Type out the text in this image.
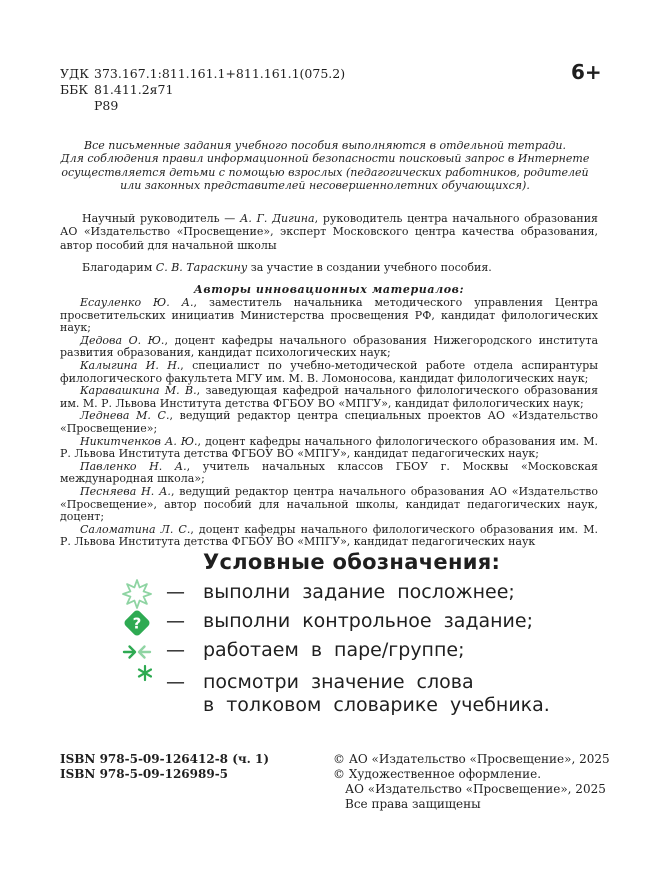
УДК 373.167.1:811.161.1+811.161.1(075.2)
ББК 81.411.2я71
Р89
6+
Все письменные задания учебного пособия выполняются в отдельной тетради.
Для соблюдения правил информационной безопасности поисковый запрос в Интернете
осуществляется детьми с помощью взрослых (педагогических работников, родителей
или законных представителей несовершеннолетних обучающихся).
Научный руководитель — А. Г. Дигина, руководитель центра начального образования АО «Издательство «Просвещение», эксперт Московского центра качества образования, автор пособий для начальной школы
Благодарим С. В. Тараскину за участие в создании учебного пособия.
Авторы инновационных материалов:
Есауленко Ю. А., заместитель начальника методического управления Центра просветительских инициатив Министерства просвещения РФ, кандидат филологических наук;
Дедова О. Ю., доцент кафедры начального образования Нижегородского института развития образования, кандидат психологических наук;
Калыгина И. Н., специалист по учебно-методической работе отдела аспирантуры филологического факультета МГУ им. М. В. Ломоносова, кандидат филологических наук;
Каравашкина М. В., заведующая кафедрой начального филологического образования им. М. Р. Львова Института детства ФГБОУ ВО «МПГУ», кандидат филологических наук;
Леднева М. С., ведущий редактор центра специальных проектов АО «Издательство «Просвещение»;
Никитченков А. Ю., доцент кафедры начального филологического образования им. М. Р. Львова Института детства ФГБОУ ВО «МПГУ», кандидат педагогических наук;
Павленко Н. А., учитель начальных классов ГБОУ г. Москвы «Московская международная школа»;
Песняева Н. А., ведущий редактор центра начального образования АО «Издательство «Просвещение», автор пособий для начальной школы, кандидат педагогических наук, доцент;
Саломатина Л. С., доцент кафедры начального филологического образования им. М. Р. Львова Института детства ФГБОУ ВО «МПГУ», кандидат педагогических наук
Условные обозначения:
— выполни задание посложнее;
? — выполни контрольное задание;
— работаем в паре/группе;
— посмотри значение слова
в толковом словарике учебника.
ISBN 978-5-09-126412-8 (ч. 1)
ISBN 978-5-09-126989-5
© АО «Издательство «Просвещение», 2025
© Художественное оформление.
АО «Издательство «Просвещение», 2025
Все права защищены
